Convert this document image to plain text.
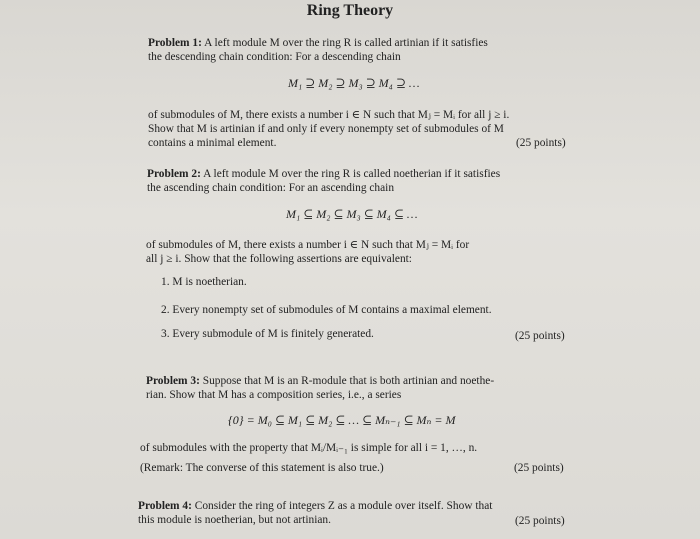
Ring Theory
Problem 1: A left module M over the ring R is called artinian if it satisfies
the descending chain condition: For a descending chain
M₁ ⊇ M₂ ⊇ M₃ ⊇ M₄ ⊇ …
of submodules of M, there exists a number i ∈ N such that Mⱼ = Mᵢ for all j ≥ i.
Show that M is artinian if and only if every nonempty set of submodules of M
contains a minimal element.	(25 points)
Problem 2: A left module M over the ring R is called noetherian if it satisfies
the ascending chain condition: For an ascending chain
M₁ ⊆ M₂ ⊆ M₃ ⊆ M₄ ⊆ …
of submodules of M, there exists a number i ∈ N such that Mⱼ = Mᵢ for
all j ≥ i. Show that the following assertions are equivalent:
1. M is noetherian.
2. Every nonempty set of submodules of M contains a maximal element.
3. Every submodule of M is finitely generated.	(25 points)
Problem 3: Suppose that M is an R-module that is both artinian and noethe-
rian. Show that M has a composition series, i.e., a series
{0} = M₀ ⊆ M₁ ⊆ M₂ ⊆ … ⊆ Mₙ₋₁ ⊆ Mₙ = M
of submodules with the property that Mᵢ/Mᵢ₋₁ is simple for all i = 1, …, n.
(Remark: The converse of this statement is also true.)	(25 points)
Problem 4: Consider the ring of integers Z as a module over itself. Show that
this module is noetherian, but not artinian.	(25 points)
